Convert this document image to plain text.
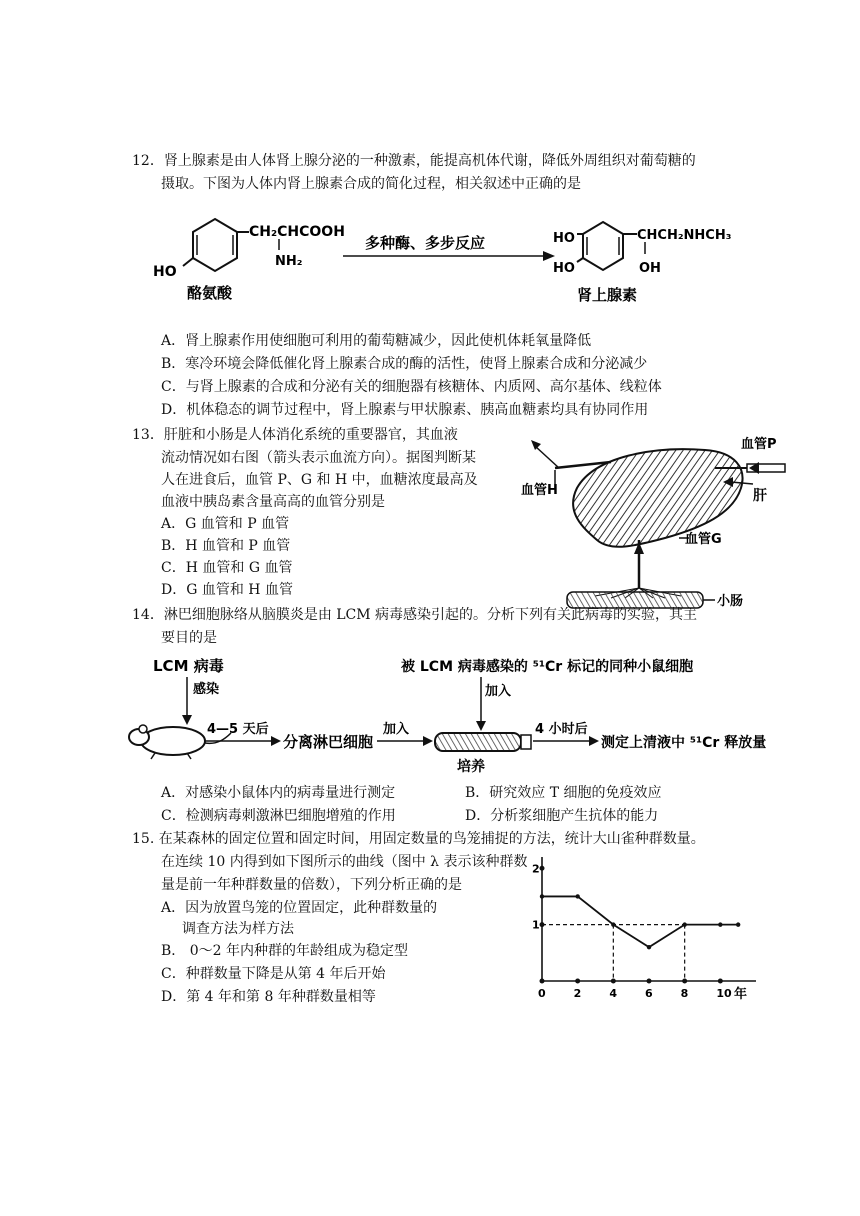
12．肾上腺素是由人体肾上腺分泌的一种激素，能提高机体代谢，降低外周组织对葡萄糖的
摄取。下图为人体内肾上腺素合成的简化过程，相关叙述中正确的是
CH₂CHCOOH
NH₂
HO
酪氨酸
多种酶、多步反应	HO
HO
CHCH₂NHCH₃
OH
肾上腺素
A．肾上腺素作用使细胞可利用的葡萄糖减少，因此使机体耗氧量降低
B．寒冷环境会降低催化肾上腺素合成的酶的活性，使肾上腺素合成和分泌减少
C．与肾上腺素的合成和分泌有关的细胞器有核糖体、内质网、高尔基体、线粒体
D．机体稳态的调节过程中，肾上腺素与甲状腺素、胰高血糖素均具有协同作用
13．肝脏和小肠是人体消化系统的重要器官，其血液
流动情况如右图（箭头表示血流方向）。据图判断某
人在进食后，血管 P、G 和 H 中，血糖浓度最高及
血液中胰岛素含量高高的血管分别是
A．G 血管和 P 血管
B．H 血管和 P 血管
C．H 血管和 G 血管
D．G 血管和 H 血管
血管P
血管H	肝
血管G
小肠
14．淋巴细胞脉络从脑膜炎是由 LCM 病毒感染引起的。分析下列有关此病毒的实验，其主
要目的是
LCM 病毒
感染
4—5 天后
分离淋巴细胞
加入
被 LCM 病毒感染的 ⁵¹Cr 标记的同种小鼠细胞
加入
培养
4 小时后
测定上清液中 ⁵¹Cr 释放量
A．对感染小鼠体内的病毒量进行测定	B．研究效应 T 细胞的免疫效应
C．检测病毒刺激淋巴细胞增殖的作用	D．分析浆细胞产生抗体的能力
15. 在某森林的固定位置和固定时间，用固定数量的鸟笼捕捉的方法，统计大山雀种群数量。
在连续 10 内得到如下图所示的曲线（图中 λ 表示该种群数
量是前一年种群数量的倍数），下列分析正确的是
A．因为放置鸟笼的位置固定，此种群数量的
调查方法为样方法
B． 0～2 年内种群的年龄组成为稳定型
C．种群数量下降是从第 4 年后开始
D．第 4 年和第 8 年种群数量相等	0	2	4	6	8	10
1
2
年
